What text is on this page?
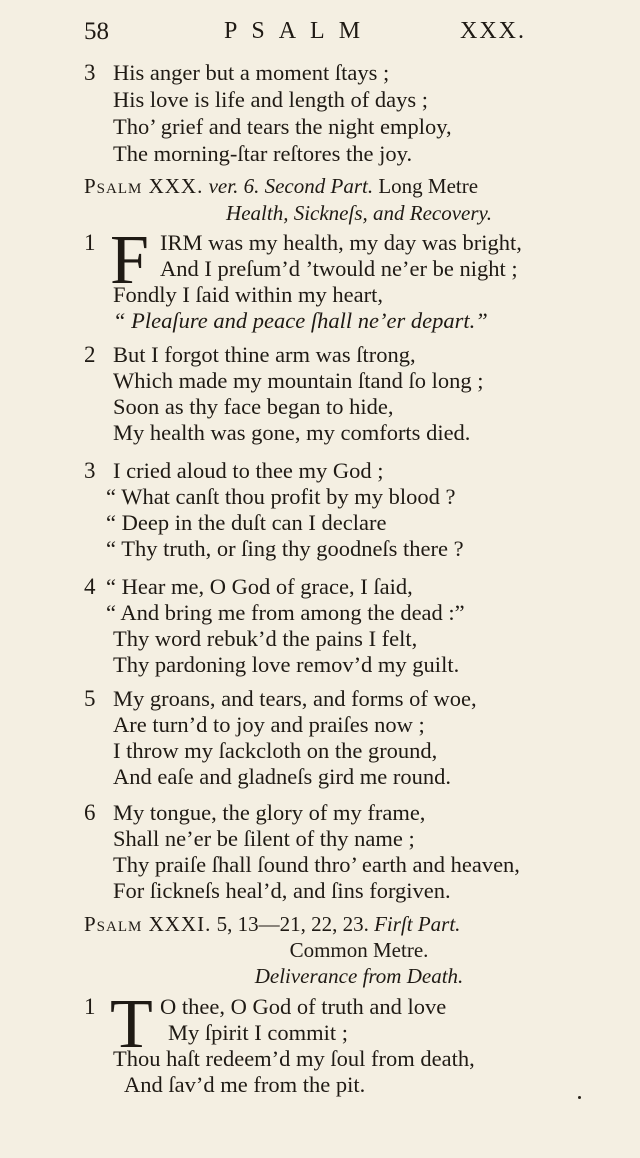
58	PSALM	XXX.
3 His anger but a moment ſtays ;
His love is life and length of days ;
Tho’ grief and tears the night employ,
The morning-ſtar reſtores the joy.
Psalm XXX. ver. 6. Second Part. Long Metre
Health, Sickneſs, and Recovery.
1 F IRM was my health, my day was bright,
And I preſum’d ’twould ne’er be night ;
Fondly I ſaid within my heart,
“ Pleaſure and peace ſhall ne’er depart.”
2 But I forgot thine arm was ſtrong,
Which made my mountain ſtand ſo long ;
Soon as thy face began to hide,
My health was gone, my comforts died.
3 I cried aloud to thee my God ;
“ What canſt thou profit by my blood ?
“ Deep in the duſt can I declare
“ Thy truth, or ſing thy goodneſs there ?
4 “ Hear me, O God of grace, I ſaid,
“ And bring me from among the dead :”
Thy word rebuk’d the pains I felt,
Thy pardoning love remov’d my guilt.
5 My groans, and tears, and forms of woe,
Are turn’d to joy and praiſes now ;
I throw my ſackcloth on the ground,
And eaſe and gladneſs gird me round.
6 My tongue, the glory of my frame,
Shall ne’er be ſilent of thy name ;
Thy praiſe ſhall ſound thro’ earth and heaven,
For ſickneſs heal’d, and ſins forgiven.
Psalm XXXI. 5, 13—21, 22, 23. Firſt Part.
Common Metre.
Deliverance from Death.
1 T O thee, O God of truth and love
My ſpirit I commit ;
Thou haſt redeem’d my ſoul from death,
And ſav’d me from the pit.
